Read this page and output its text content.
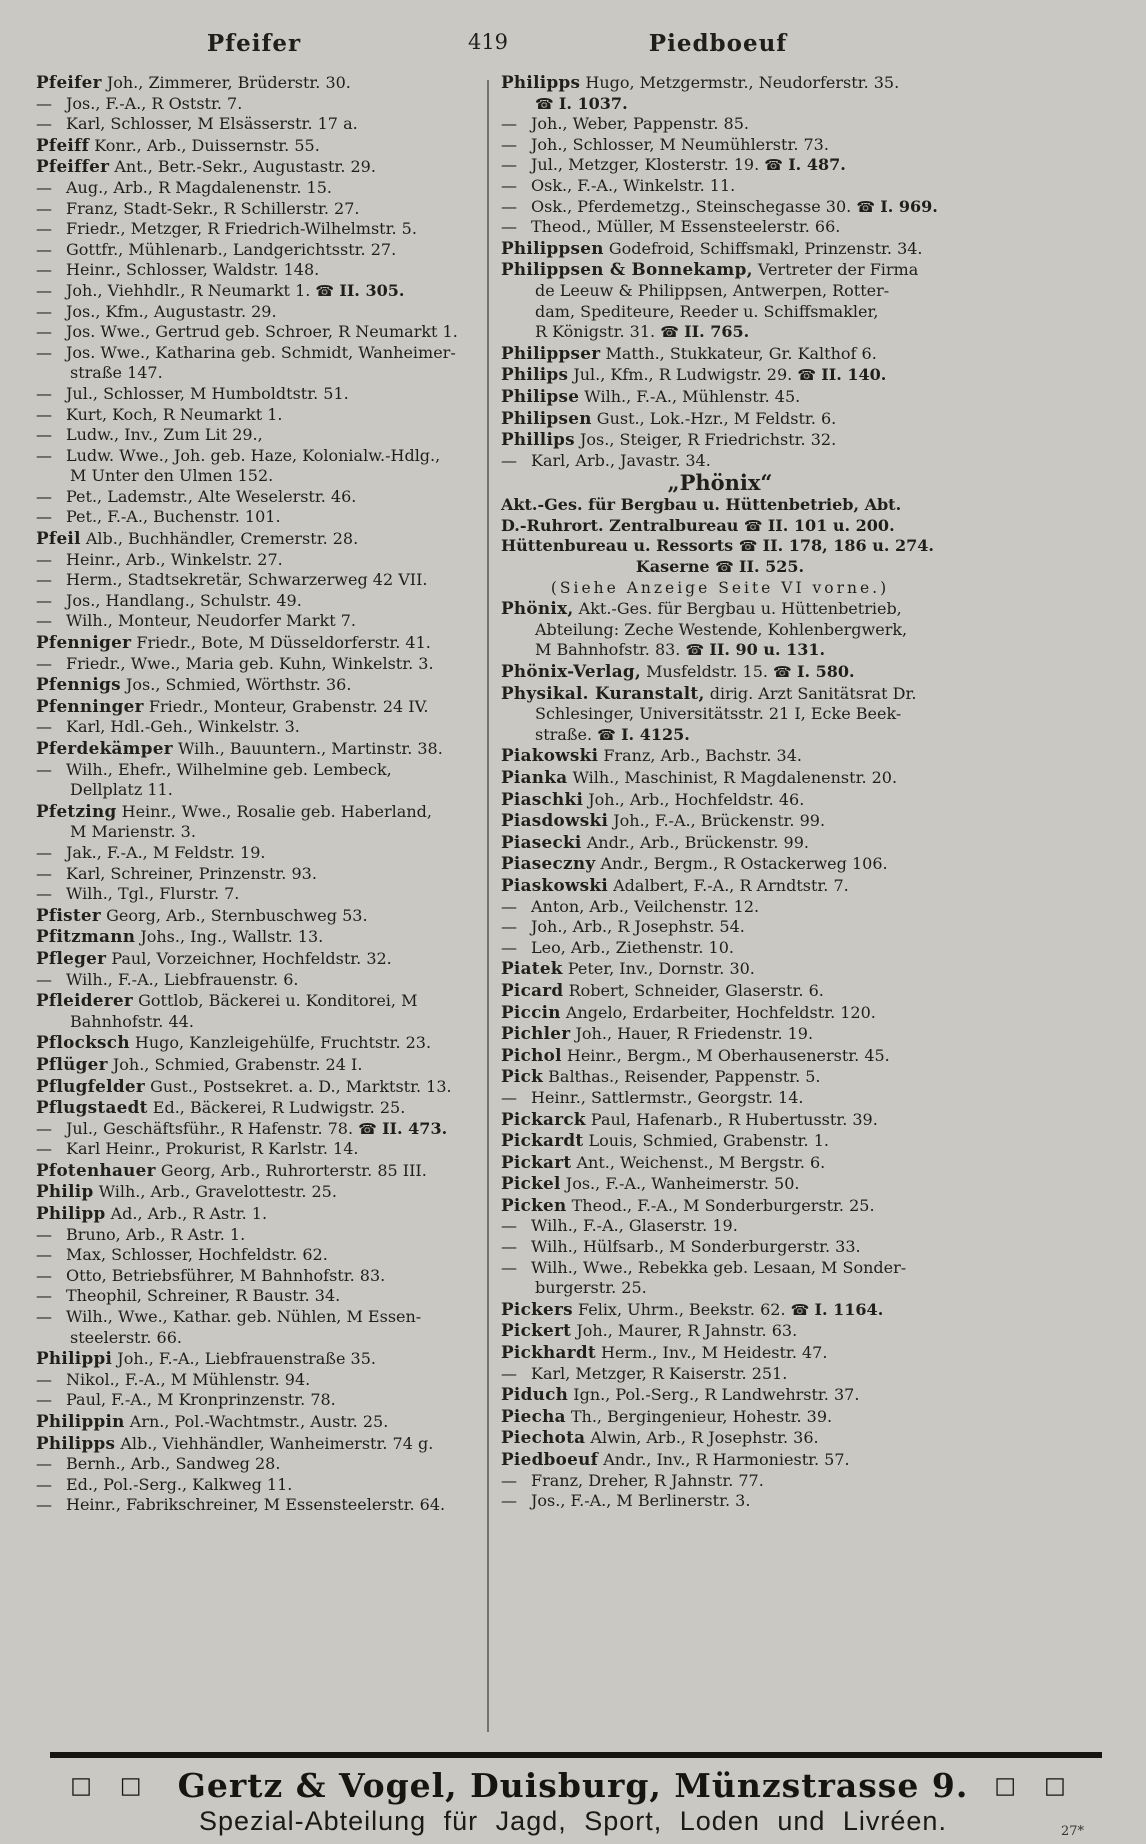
Pfeifer	419	Piedboeuf
Pfeifer Joh., Zimmerer, Brüderstr. 30.
— Jos., F.-A., R Oststr. 7.
— Karl, Schlosser, M Elsässerstr. 17 a.
Pfeiff Konr., Arb., Duissernstr. 55.
Pfeiffer Ant., Betr.-Sekr., Augustastr. 29.
— Aug., Arb., R Magdalenenstr. 15.
— Franz, Stadt-Sekr., R Schillerstr. 27.
— Friedr., Metzger, R Friedrich-Wilhelmstr. 5.
— Gottfr., Mühlenarb., Landgerichtsstr. 27.
— Heinr., Schlosser, Waldstr. 148.
— Joh., Viehhdlr., R Neumarkt 1. ☎ II. 305.
— Jos., Kfm., Augustastr. 29.
— Jos. Wwe., Gertrud geb. Schroer, R Neumarkt 1.
— Jos. Wwe., Katharina geb. Schmidt, Wanheimer-
straße 147.
— Jul., Schlosser, M Humboldtstr. 51.
— Kurt, Koch, R Neumarkt 1.
— Ludw., Inv., Zum Lit 29.,
— Ludw. Wwe., Joh. geb. Haze, Kolonialw.-Hdlg.,
M Unter den Ulmen 152.
— Pet., Lademstr., Alte Weselerstr. 46.
— Pet., F.-A., Buchenstr. 101.
Pfeil Alb., Buchhändler, Cremerstr. 28.
— Heinr., Arb., Winkelstr. 27.
— Herm., Stadtsekretär, Schwarzerweg 42 VII.
— Jos., Handlang., Schulstr. 49.
— Wilh., Monteur, Neudorfer Markt 7.
Pfenniger Friedr., Bote, M Düsseldorferstr. 41.
— Friedr., Wwe., Maria geb. Kuhn, Winkelstr. 3.
Pfennigs Jos., Schmied, Wörthstr. 36.
Pfenninger Friedr., Monteur, Grabenstr. 24 IV.
— Karl, Hdl.-Geh., Winkelstr. 3.
Pferdekämper Wilh., Bauuntern., Martinstr. 38.
— Wilh., Ehefr., Wilhelmine geb. Lembeck,
Dellplatz 11.
Pfetzing Heinr., Wwe., Rosalie geb. Haberland,
M Marienstr. 3.
— Jak., F.-A., M Feldstr. 19.
— Karl, Schreiner, Prinzenstr. 93.
— Wilh., Tgl., Flurstr. 7.
Pfister Georg, Arb., Sternbuschweg 53.
Pfitzmann Johs., Ing., Wallstr. 13.
Pfleger Paul, Vorzeichner, Hochfeldstr. 32.
— Wilh., F.-A., Liebfrauenstr. 6.
Pfleiderer Gottlob, Bäckerei u. Konditorei, M
Bahnhofstr. 44.
Pflocksch Hugo, Kanzleigehülfe, Fruchtstr. 23.
Pflüger Joh., Schmied, Grabenstr. 24 I.
Pflugfelder Gust., Postsekret. a. D., Marktstr. 13.
Pflugstaedt Ed., Bäckerei, R Ludwigstr. 25.
— Jul., Geschäftsführ., R Hafenstr. 78. ☎ II. 473.
— Karl Heinr., Prokurist, R Karlstr. 14.
Pfotenhauer Georg, Arb., Ruhrorterstr. 85 III.
Philip Wilh., Arb., Gravelottestr. 25.
Philipp Ad., Arb., R Astr. 1.
— Bruno, Arb., R Astr. 1.
— Max, Schlosser, Hochfeldstr. 62.
— Otto, Betriebsführer, M Bahnhofstr. 83.
— Theophil, Schreiner, R Baustr. 34.
— Wilh., Wwe., Kathar. geb. Nühlen, M Essen-
steelerstr. 66.
Philippi Joh., F.-A., Liebfrauenstraße 35.
— Nikol., F.-A., M Mühlenstr. 94.
— Paul, F.-A., M Kronprinzenstr. 78.
Philippin Arn., Pol.-Wachtmstr., Austr. 25.
Philipps Alb., Viehhändler, Wanheimerstr. 74 g.
— Bernh., Arb., Sandweg 28.
— Ed., Pol.-Serg., Kalkweg 11.
— Heinr., Fabrikschreiner, M Essensteelerstr. 64.
Philipps Hugo, Metzgermstr., Neudorferstr. 35.
☎ I. 1037.
— Joh., Weber, Pappenstr. 85.
— Joh., Schlosser, M Neumühlerstr. 73.
— Jul., Metzger, Klosterstr. 19. ☎ I. 487.
— Osk., F.-A., Winkelstr. 11.
— Osk., Pferdemetzg., Steinschegasse 30. ☎ I. 969.
— Theod., Müller, M Essensteelerstr. 66.
Philippsen Godefroid, Schiffsmakl, Prinzenstr. 34.
Philippsen & Bonnekamp, Vertreter der Firma
de Leeuw & Philippsen, Antwerpen, Rotter-
dam, Spediteure, Reeder u. Schiffsmakler,
R Königstr. 31. ☎ II. 765.
Philippser Matth., Stukkateur, Gr. Kalthof 6.
Philips Jul., Kfm., R Ludwigstr. 29. ☎ II. 140.
Philipse Wilh., F.-A., Mühlenstr. 45.
Philipsen Gust., Lok.-Hzr., M Feldstr. 6.
Phillips Jos., Steiger, R Friedrichstr. 32.
— Karl, Arb., Javastr. 34.
„Phönix“
Akt.-Ges. für Bergbau u. Hüttenbetrieb, Abt.
D.-Ruhrort. Zentralbureau ☎ II. 101 u. 200.
Hüttenbureau u. Ressorts ☎ II. 178, 186 u. 274.
Kaserne ☎ II. 525.
(Siehe Anzeige Seite VI vorne.)
Phönix, Akt.-Ges. für Bergbau u. Hüttenbetrieb,
Abteilung: Zeche Westende, Kohlenbergwerk,
M Bahnhofstr. 83. ☎ II. 90 u. 131.
Phönix-Verlag, Musfeldstr. 15. ☎ I. 580.
Physikal. Kuranstalt, dirig. Arzt Sanitätsrat Dr.
Schlesinger, Universitätsstr. 21 I, Ecke Beek-
straße. ☎ I. 4125.
Piakowski Franz, Arb., Bachstr. 34.
Pianka Wilh., Maschinist, R Magdalenenstr. 20.
Piaschki Joh., Arb., Hochfeldstr. 46.
Piasdowski Joh., F.-A., Brückenstr. 99.
Piasecki Andr., Arb., Brückenstr. 99.
Piaseczny Andr., Bergm., R Ostackerweg 106.
Piaskowski Adalbert, F.-A., R Arndtstr. 7.
— Anton, Arb., Veilchenstr. 12.
— Joh., Arb., R Josephstr. 54.
— Leo, Arb., Ziethenstr. 10.
Piatek Peter, Inv., Dornstr. 30.
Picard Robert, Schneider, Glaserstr. 6.
Piccin Angelo, Erdarbeiter, Hochfeldstr. 120.
Pichler Joh., Hauer, R Friedenstr. 19.
Pichol Heinr., Bergm., M Oberhausenerstr. 45.
Pick Balthas., Reisender, Pappenstr. 5.
— Heinr., Sattlermstr., Georgstr. 14.
Pickarck Paul, Hafenarb., R Hubertusstr. 39.
Pickardt Louis, Schmied, Grabenstr. 1.
Pickart Ant., Weichenst., M Bergstr. 6.
Pickel Jos., F.-A., Wanheimerstr. 50.
Picken Theod., F.-A., M Sonderburgerstr. 25.
— Wilh., F.-A., Glaserstr. 19.
— Wilh., Hülfsarb., M Sonderburgerstr. 33.
— Wilh., Wwe., Rebekka geb. Lesaan, M Sonder-
burgerstr. 25.
Pickers Felix, Uhrm., Beekstr. 62. ☎ I. 1164.
Pickert Joh., Maurer, R Jahnstr. 63.
Pickhardt Herm., Inv., M Heidestr. 47.
— Karl, Metzger, R Kaiserstr. 251.
Piduch Ign., Pol.-Serg., R Landwehrstr. 37.
Piecha Th., Bergingenieur, Hohestr. 39.
Piechota Alwin, Arb., R Josephstr. 36.
Piedboeuf Andr., Inv., R Harmoniestr. 57.
— Franz, Dreher, R Jahnstr. 77.
— Jos., F.-A., M Berlinerstr. 3.
□ □ Gertz & Vogel, Duisburg, Münzstrasse 9. □ □
Spezial-Abteilung für Jagd, Sport, Loden und Livréen.	27*
